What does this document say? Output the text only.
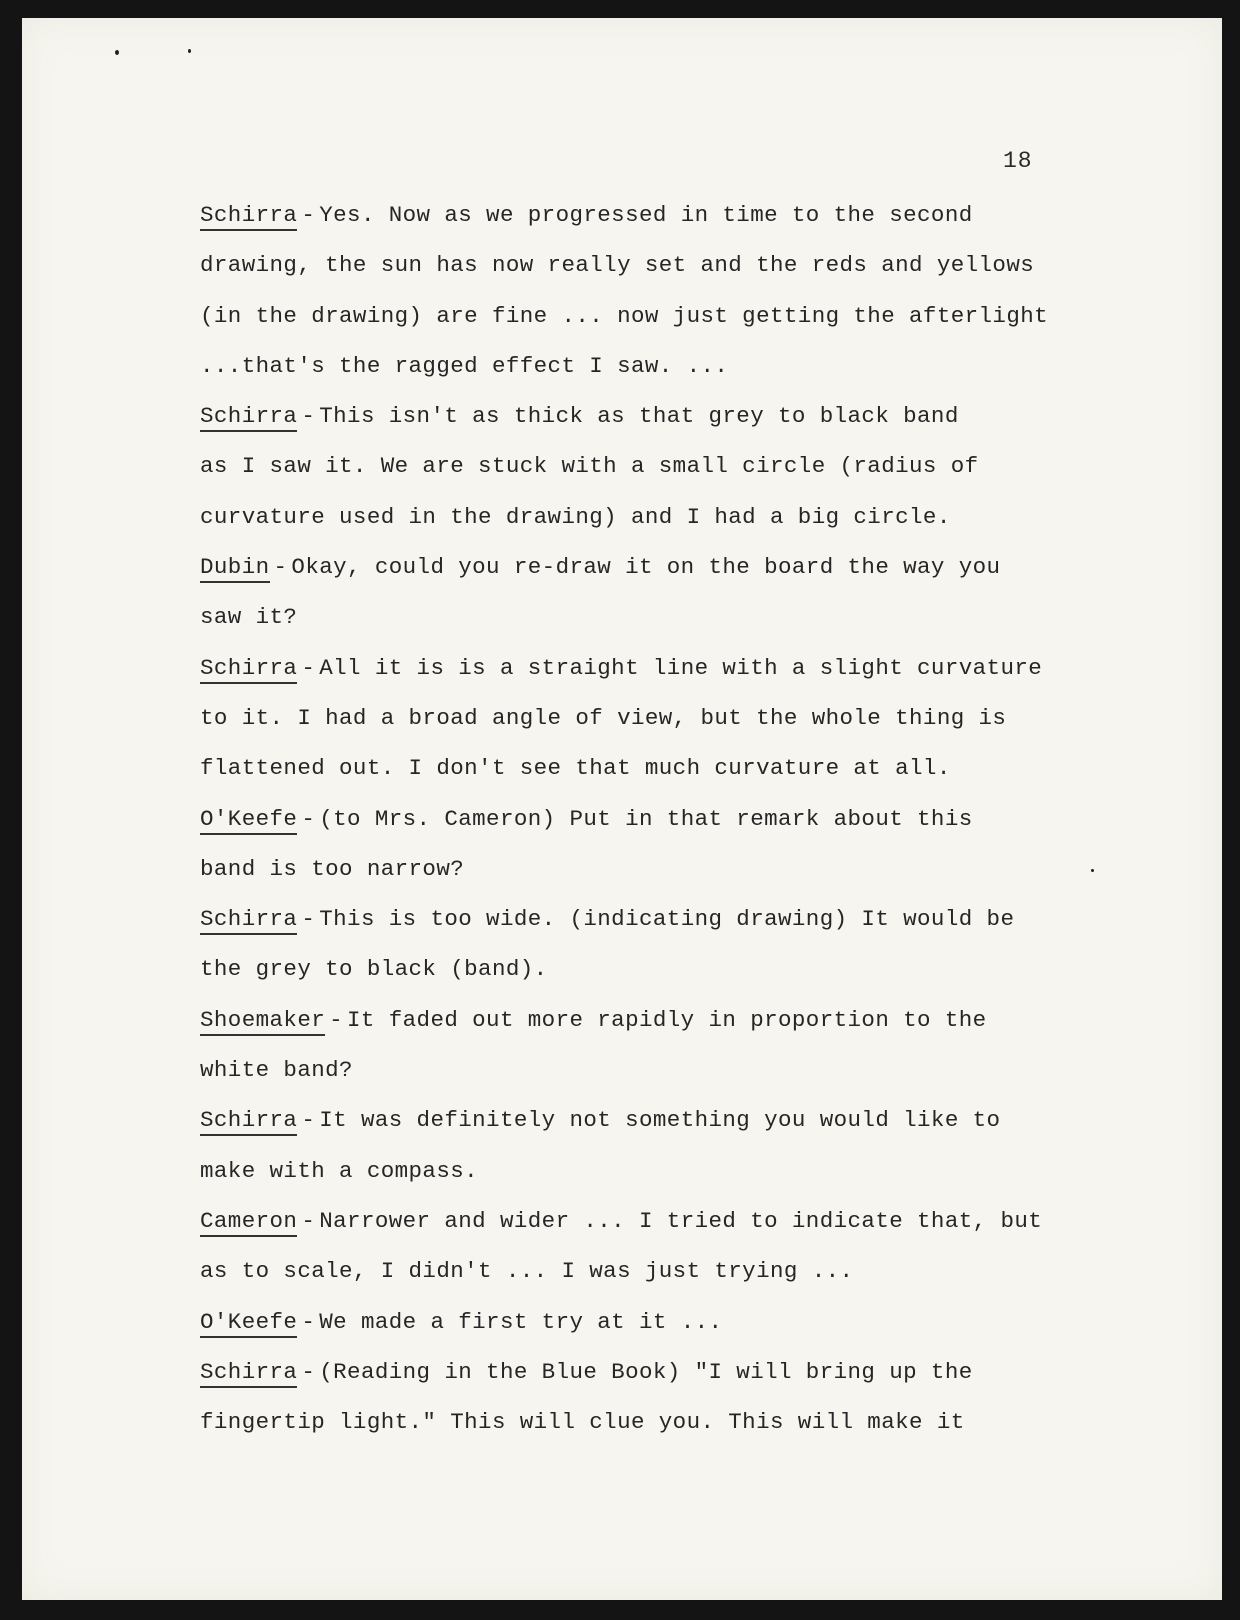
18

Schirra - Yes. Now as we progressed in time to the second
drawing, the sun has now really set and the reds and yellows
(in the drawing) are fine ... now just getting the afterlight
...that's the ragged effect I saw. ...

Schirra - This isn't as thick as that grey to black band
as I saw it. We are stuck with a small circle (radius of
curvature used in the drawing) and I had a big circle.

Dubin - Okay, could you re-draw it on the board the way you
saw it?

Schirra - All it is is a straight line with a slight curvature
to it. I had a broad angle of view, but the whole thing is
flattened out. I don't see that much curvature at all.

O'Keefe - (to Mrs. Cameron) Put in that remark about this
band is too narrow?

Schirra - This is too wide. (indicating drawing) It would be
the grey to black (band).

Shoemaker - It faded out more rapidly in proportion to the
white band?

Schirra - It was definitely not something you would like to
make with a compass.

Cameron - Narrower and wider ... I tried to indicate that, but
as to scale, I didn't ... I was just trying ...

O'Keefe - We made a first try at it ...

Schirra - (Reading in the Blue Book) "I will bring up the
fingertip light." This will clue you. This will make it
